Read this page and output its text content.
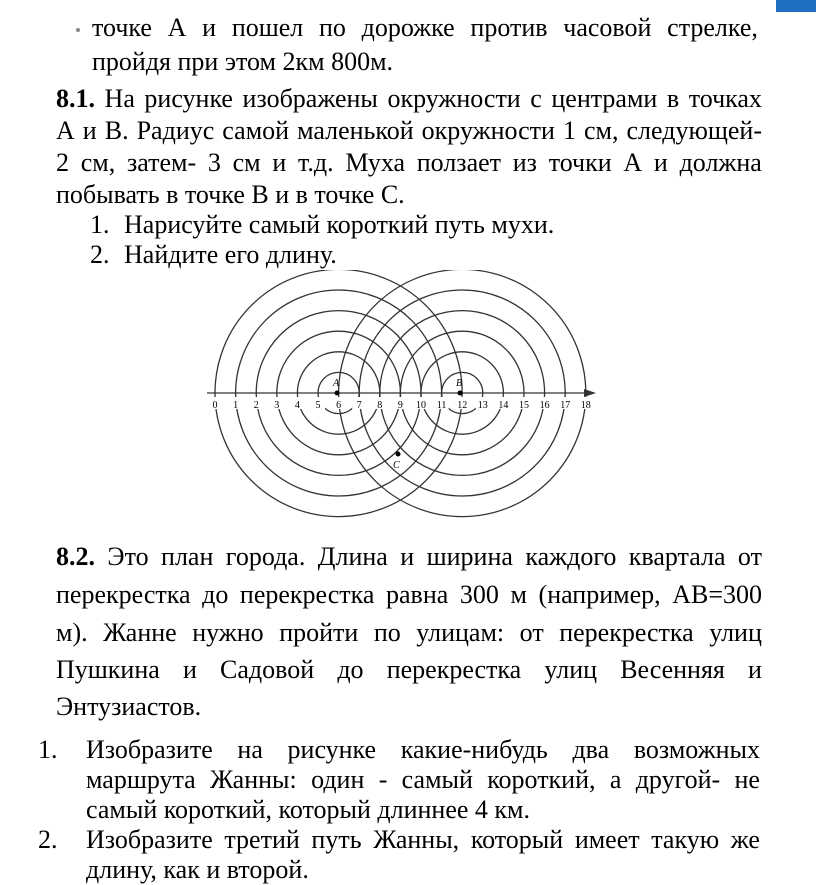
точке А и пошел по дорожке против часовой стрелке,
пройдя при этом 2км 800м.
8.1. На рисунке изображены окружности с центрами в точках
А и В. Радиус самой маленькой окружности 1 см, следующей-
2 см, затем- 3 см и т.д. Муха ползает из точки А и должна
побывать в точке В и в точке С.
1. Нарисуйте самый короткий путь мухи.
2. Найдите его длину.
0 1 2 3 4 5 6 7 8 9 10 11 12 13 14 15 16 17 18
A	B
C
8.2. Это план города. Длина и ширина каждого квартала от
перекрестка до перекрестка равна 300 м (например, АВ=300
м). Жанне нужно пройти по улицам: от перекрестка улиц
Пушкина и Садовой до перекрестка улиц Весенняя и
Энтузиастов.
1. Изобразите на рисунке какие-нибудь два возможных
маршрута Жанны: один - самый короткий, а другой- не
самый короткий, который длиннее 4 км.
2. Изобразите третий путь Жанны, который имеет такую же
длину, как и второй.
